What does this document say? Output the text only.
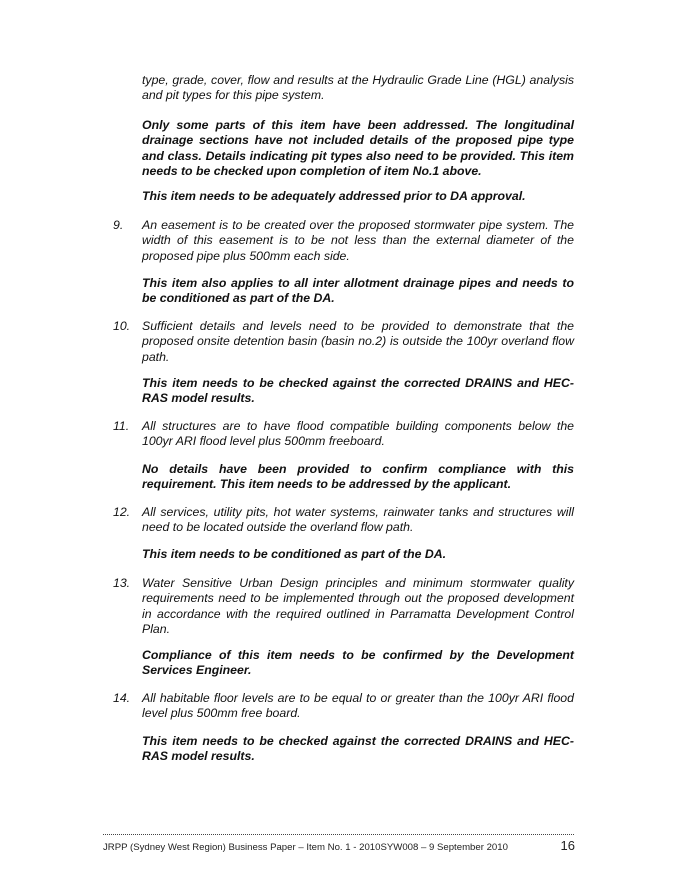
type, grade, cover, flow and results at the Hydraulic Grade Line (HGL) analysis and pit types for this pipe system.

Only some parts of this item have been addressed. The longitudinal drainage sections have not included details of the proposed pipe type and class. Details indicating pit types also need to be provided. This item needs to be checked upon completion of item No.1 above.

This item needs to be adequately addressed prior to DA approval.

9. An easement is to be created over the proposed stormwater pipe system. The width of this easement is to be not less than the external diameter of the proposed pipe plus 500mm each side.

This item also applies to all inter allotment drainage pipes and needs to be conditioned as part of the DA.

10. Sufficient details and levels need to be provided to demonstrate that the proposed onsite detention basin (basin no.2) is outside the 100yr overland flow path.

This item needs to be checked against the corrected DRAINS and HEC-RAS model results.

11. All structures are to have flood compatible building components below the 100yr ARI flood level plus 500mm freeboard.

No details have been provided to confirm compliance with this requirement. This item needs to be addressed by the applicant.

12. All services, utility pits, hot water systems, rainwater tanks and structures will need to be located outside the overland flow path.

This item needs to be conditioned as part of the DA.

13. Water Sensitive Urban Design principles and minimum stormwater quality requirements need to be implemented through out the proposed development in accordance with the required outlined in Parramatta Development Control Plan.

Compliance of this item needs to be confirmed by the Development Services Engineer.

14. All habitable floor levels are to be equal to or greater than the 100yr ARI flood level plus 500mm free board.

This item needs to be checked against the corrected DRAINS and HEC-RAS model results.

JRPP (Sydney West Region) Business Paper – Item No. 1 - 2010SYW008 – 9 September 2010	16
